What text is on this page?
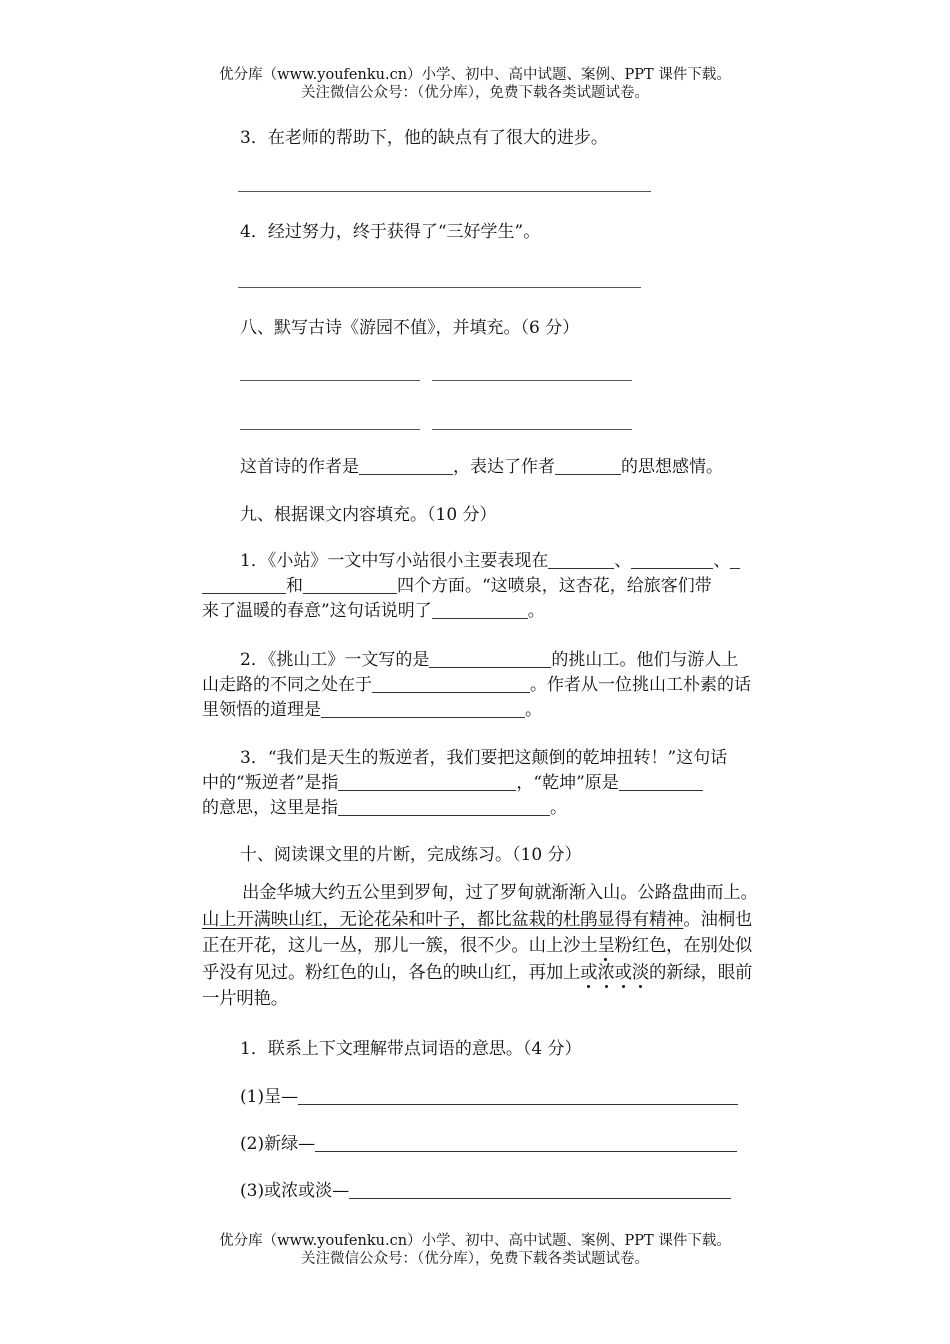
优分库（www.youfenku.cn）小学、初中、高中试题、案例、PPT 课件下载。
关注微信公众号：（优分库），免费下载各类试题试卷。
3．在老师的帮助下，他的缺点有了很大的进步。
4．经过努力，终于获得了“三好学生”。
八、默写古诗《游园不值》，并填充。（6 分）
这首诗的作者是	，表达了作者	的思想感情。
九、根据课文内容填充。（10 分）
1．《小站》一文中写小站很小主要表现在	、	、
和	四个方面。“这喷泉，这杏花，给旅客们带
来了温暖的春意”这句话说明了	。
2．《挑山工》一文写的是	的挑山工。他们与游人上
山走路的不同之处在于	。作者从一位挑山工朴素的话
里领悟的道理是	。
3．“我们是天生的叛逆者，我们要把这颠倒的乾坤扭转！”这句话
中的“叛逆者”是指	，“乾坤”原是
的意思，这里是指	。
十、阅读课文里的片断，完成练习。（10 分）
出金华城大约五公里到罗甸，过了罗甸就渐渐入山。公路盘曲而上。
山上开满映山红，无论花朵和叶子，都比盆栽的杜鹃显得有精神。油桐也
正在开花，这儿一丛，那儿一簇，很不少。山上沙土呈粉红色，在别处似
乎没有见过。粉红色的山，各色的映山红，再加上或浓或淡的新绿，眼前
一片明艳。
1．联系上下文理解带点词语的意思。（4 分）
(1)呈—
(2)新绿—
(3)或浓或淡—
优分库（www.youfenku.cn）小学、初中、高中试题、案例、PPT 课件下载。
关注微信公众号：（优分库），免费下载各类试题试卷。
